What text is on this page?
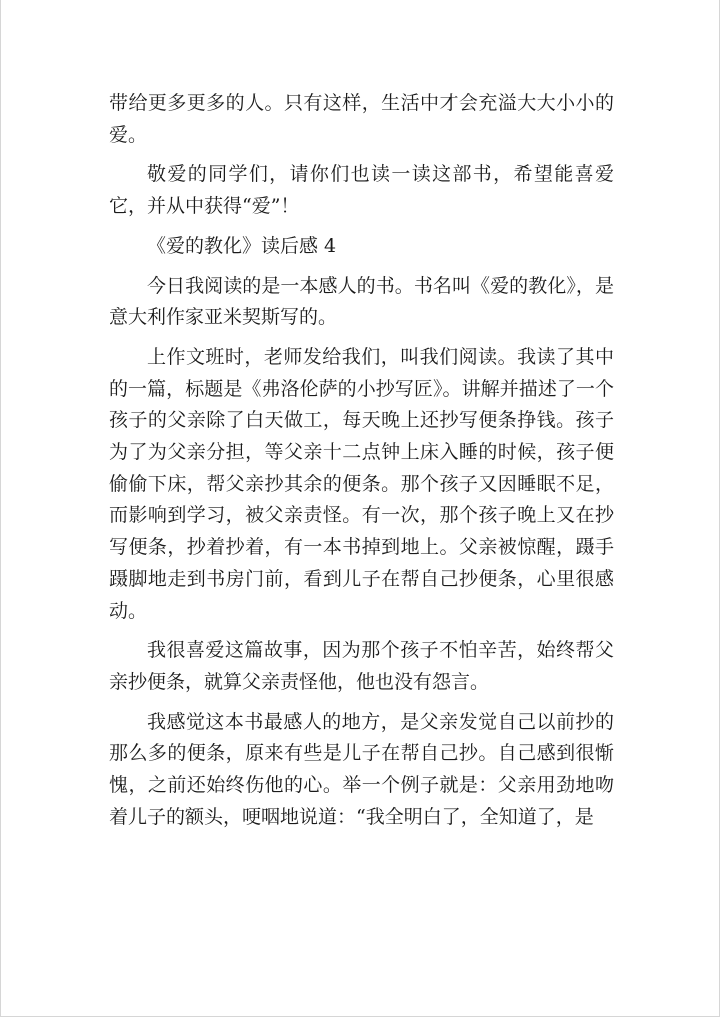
带给更多更多的人。只有这样，生活中才会充溢大大小小的爱。

敬爱的同学们，请你们也读一读这部书，希望能喜爱它，并从中获得“爱”！

《爱的教化》读后感 4

今日我阅读的是一本感人的书。书名叫《爱的教化》，是意大利作家亚米契斯写的。

上作文班时，老师发给我们，叫我们阅读。我读了其中的一篇，标题是《弗洛伦萨的小抄写匠》。讲解并描述了一个孩子的父亲除了白天做工，每天晚上还抄写便条挣钱。孩子为了为父亲分担，等父亲十二点钟上床入睡的时候，孩子便偷偷下床，帮父亲抄其余的便条。那个孩子又因睡眠不足，而影响到学习，被父亲责怪。有一次，那个孩子晚上又在抄写便条，抄着抄着，有一本书掉到地上。父亲被惊醒，蹑手蹑脚地走到书房门前，看到儿子在帮自己抄便条，心里很感动。

我很喜爱这篇故事，因为那个孩子不怕辛苦，始终帮父亲抄便条，就算父亲责怪他，他也没有怨言。

我感觉这本书最感人的地方，是父亲发觉自己以前抄的那么多的便条，原来有些是儿子在帮自己抄。自己感到很惭愧，之前还始终伤他的心。举一个例子就是：父亲用劲地吻着儿子的额头，哽咽地说道：“我全明白了，全知道了，是
